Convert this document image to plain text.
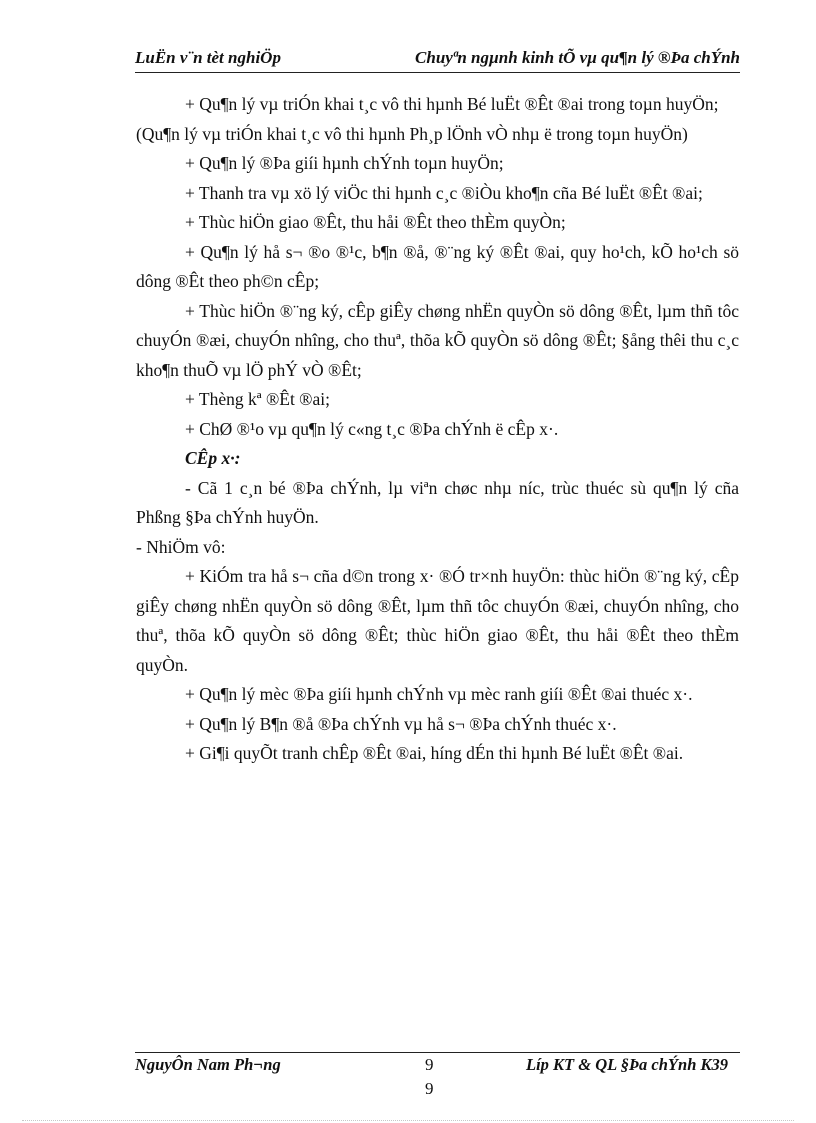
LuËn v¨n tèt nghiÖp	Chuyªn ngµnh kinh tÕ vµ qu¶n lý ®Þa chÝnh

+ Qu¶n lý vµ triÓn khai t¸c vô thi hµnh Bé luËt ®Êt ®ai trong toµn huyÖn;

(Qu¶n lý vµ triÓn khai t¸c vô thi hµnh Ph¸p lÖnh vÒ nhµ ë trong toµn huyÖn)

+ Qu¶n lý ®Þa giíi hµnh chÝnh toµn huyÖn;

+ Thanh tra vµ xö lý viÖc thi hµnh c¸c ®iÒu kho¶n cña Bé luËt ®Êt ®ai;

+ Thùc hiÖn giao ®Êt, thu håi ®Êt theo thÈm quyÒn;

+ Qu¶n lý hå s¬ ®o ®¹c, b¶n ®å, ®¨ng ký ®Êt ®ai, quy ho¹ch, kÕ ho¹ch sö dông ®Êt theo ph©n cÊp;

+ Thùc hiÖn ®¨ng ký, cÊp giÊy chøng nhËn quyÒn sö dông ®Êt, lµm thñ tôc chuyÓn ®æi, chuyÓn nhîng, cho thuª, thõa kÕ quyÒn sö dông ®Êt; §ång thêi thu c¸c kho¶n thuÕ vµ lÖ phÝ vÒ ®Êt;

+ Thèng kª ®Êt ®ai;

+ ChØ ®¹o vµ qu¶n lý c«ng t¸c ®Þa chÝnh ë cÊp x·.

CÊp x·:

- Cã 1 c¸n bé ®Þa chÝnh, lµ viªn chøc nhµ níc, trùc thuéc sù qu¶n lý cña Phßng §Þa chÝnh huyÖn.

- NhiÖm vô:

+ KiÓm tra hå s¬ cña d©n trong x· ®Ó tr×nh huyÖn: thùc hiÖn ®¨ng ký, cÊp giÊy chøng nhËn quyÒn sö dông ®Êt, lµm thñ tôc chuyÓn ®æi, chuyÓn nhîng, cho thuª, thõa kÕ quyÒn sö dông ®Êt; thùc hiÖn giao ®Êt, thu håi ®Êt theo thÈm quyÒn.

+ Qu¶n lý mèc ®Þa giíi hµnh chÝnh vµ mèc ranh giíi ®Êt ®ai thuéc x·.

+ Qu¶n lý B¶n ®å ®Þa chÝnh vµ hå s¬ ®Þa chÝnh thuéc x·.

+ Gi¶i quyÕt tranh chÊp ®Êt ®ai, híng dÉn thi hµnh Bé luËt ®Êt ®ai.

NguyÔn Nam Ph¬ng	9	Líp KT & QL §Þa chÝnh K39
9
